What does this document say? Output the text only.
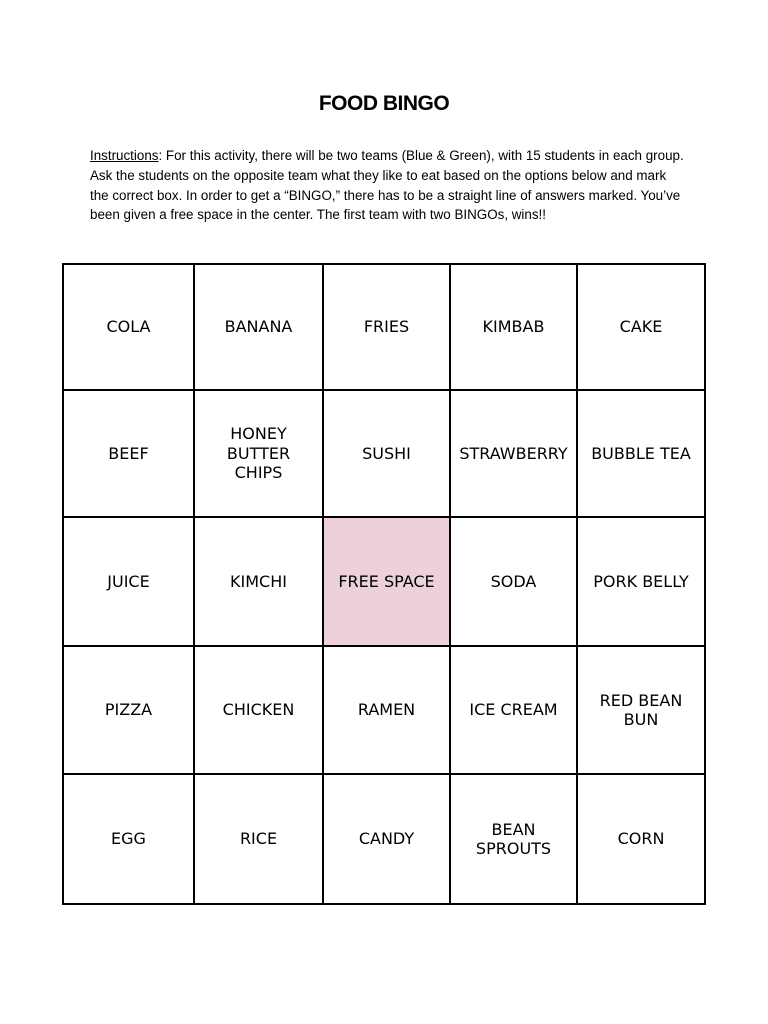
FOOD BINGO

Instructions: For this activity, there will be two teams (Blue & Green), with 15 students in each group. Ask the students on the opposite team what they like to eat based on the options below and mark the correct box. In order to get a “BINGO,” there has to be a straight line of answers marked. You’ve been given a free space in the center. The first team with two BINGOs, wins!!

COLA	BANANA	FRIES	KIMBAB	CAKE
BEEF	HONEY BUTTER CHIPS	SUSHI	STRAWBERRY	BUBBLE TEA
JUICE	KIMCHI	FREE SPACE	SODA	PORK BELLY
PIZZA	CHICKEN	RAMEN	ICE CREAM	RED BEAN BUN
EGG	RICE	CANDY	BEAN SPROUTS	CORN
